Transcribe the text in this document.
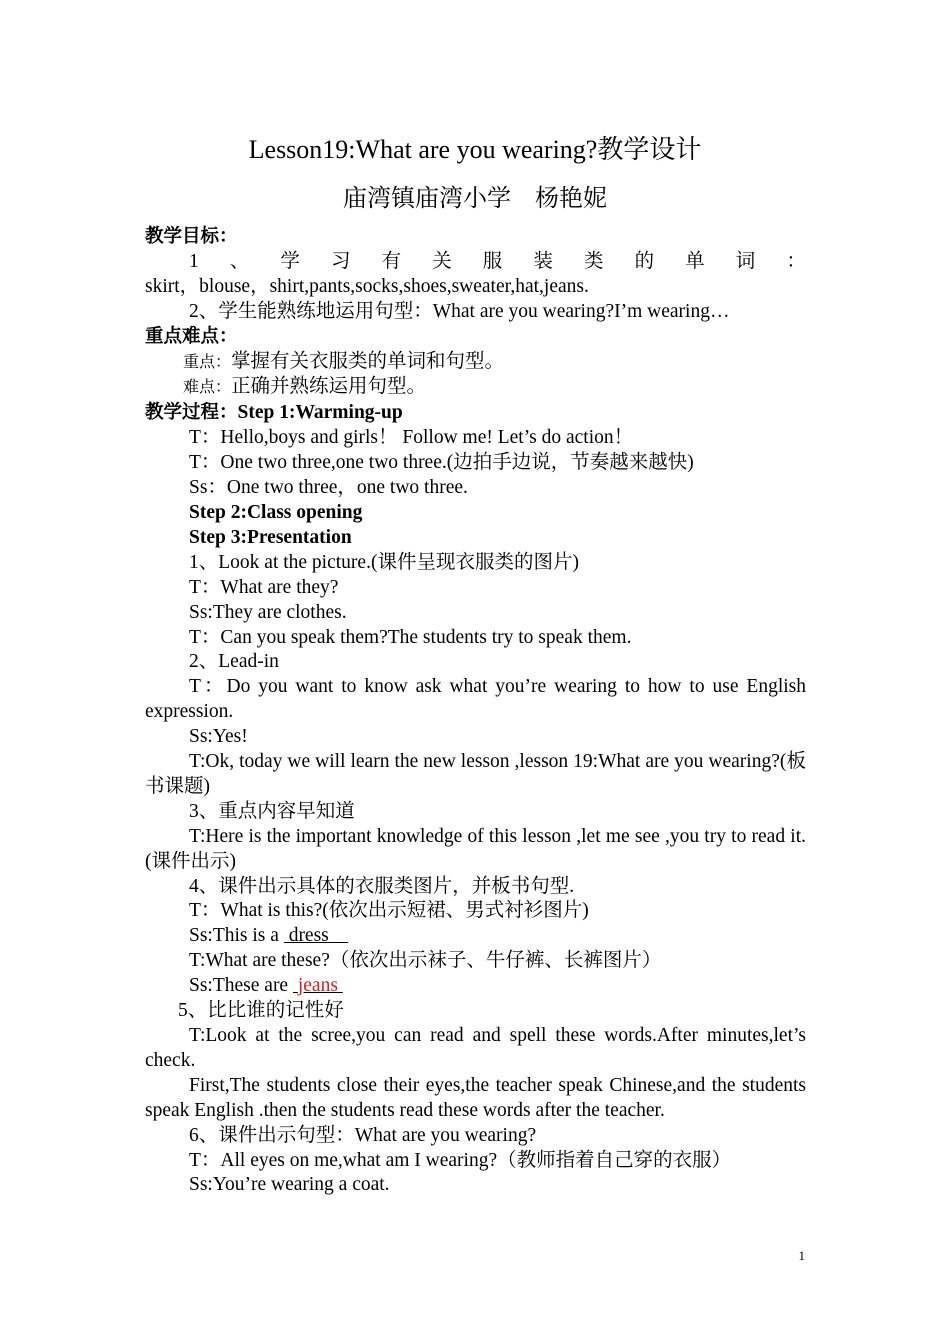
Lesson19:What are you wearing?教学设计
庙湾镇庙湾小学　杨艳妮

教学目标：

1 、 学 习 有 关 服 装 类 的 单 词 ：

skirt，blouse，shirt,pants,socks,shoes,sweater,hat,jeans.

2、学生能熟练地运用句型：What are you wearing?I’m wearing…

重点难点：

重点：掌握有关衣服类的单词和句型。

难点：正确并熟练运用句型。

教学过程：Step 1:Warming-up

T：Hello,boys and girls！ Follow me! Let’s do action！

T：One two three,one two three.(边拍手边说，节奏越来越快)

Ss：One two three，one two three.

Step 2:Class opening

Step 3:Presentation

1、Look at the picture.(课件呈现衣服类的图片)

T：What are they?

Ss:They are clothes.

T：Can you speak them?The students try to speak them.

2、Lead-in

T：Do you want to know ask what you’re wearing to how to use English expression.

Ss:Yes!

T:Ok, today we will learn the new lesson ,lesson 19:What are you wearing?(板书课题)

3、重点内容早知道

T:Here is the important knowledge of this lesson ,let me see ,you try to read it.(课件出示)

4、课件出示具体的衣服类图片，并板书句型.

T：What is this?(依次出示短裙、男式衬衫图片)

Ss:This is a  dress

T:What are these?（依次出示袜子、牛仔裤、长裤图片）

Ss:These are  jeans

5、比比谁的记性好

T:Look at the scree,you can read and spell these words.After minutes,let’s check.

First,The students close their eyes,the teacher speak Chinese,and the students speak English .then the students read these words after the teacher.

6、课件出示句型：What are you wearing?

T：All eyes on me,what am I wearing?（教师指着自己穿的衣服）

Ss:You’re wearing a coat.

1
